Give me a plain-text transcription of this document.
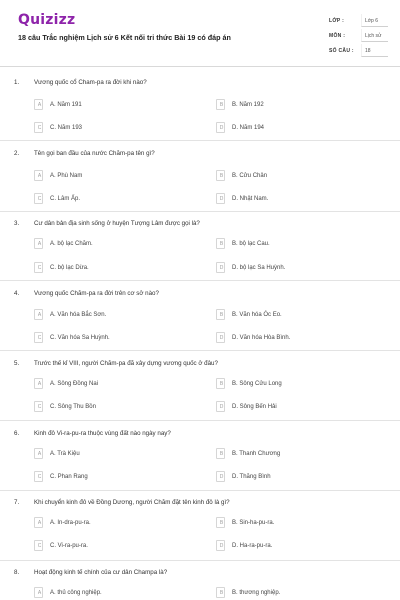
Quizizz
18 câu Trắc nghiệm Lịch sử 6 Kết nối tri thức Bài 19 có đáp án
LỚP :	Lớp 6
MÔN :	Lịch sử
SỐ CÂU : 18
1. Vương quốc cổ Cham-pa ra đời khi nào?
A	A. Năm 191	B	B. Năm 192
C	C. Năm 193	D	D. Năm 194
2. Tên gọi ban đầu của nước Chăm-pa tên gì?
A	A. Phù Nam	B	B. Cửu Chân
C	C. Lâm Ấp.	D	D. Nhật Nam.
3. Cư dân bản địa sinh sống ở huyện Tượng Lâm được gọi là?
A	A. bộ lạc Chăm.	B	B. bộ lạc Cau.
C	C. bộ lạc Dừa.	D	D. bộ lạc Sa Huỳnh.
4. Vương quốc Chăm-pa ra đời trên cơ sở nào?
A	A. Văn hóa Bắc Sơn.	B	B. Văn hóa Óc Eo.
C	C. Văn hóa Sa Huỳnh.	D	D. Văn hóa Hòa Bình.
5. Trước thế kỉ VIII, người Chăm-pa đã xây dựng vương quốc ở đâu?
A	A. Sông Đồng Nai	B	B. Sông Cửu Long
C	C. Sông Thu Bồn	D	D. Sông Bến Hải
6. Kinh đô Vi-ra-pu-ra thuộc vùng đất nào ngày nay?
A	A. Trà Kiệu	B	B. Thanh Chương
C	C. Phan Rang	D	D. Thăng Bình
7. Khi chuyển kinh đô về Đồng Dương, người Chăm đặt tên kinh đô là gì?
A	A. In-dra-pu-ra.	B	B. Sin-ha-pu-ra.
C	C. Vi-ra-pu-ra.	D	D. Ha-ra-pu-ra.
8. Hoạt động kinh tế chính của cư dân Champa là?
A	A. thủ công nghiệp.	B	B. thương nghiệp.
